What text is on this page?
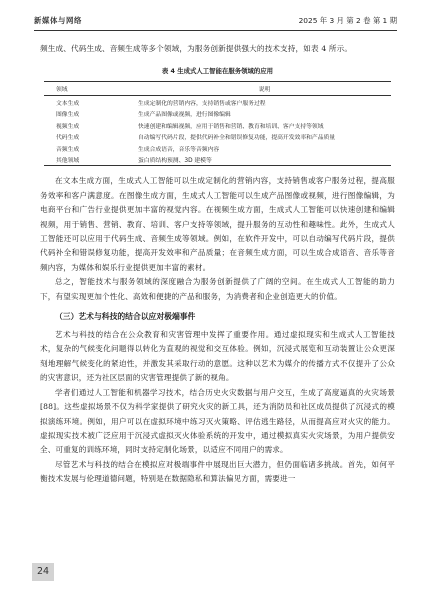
新媒体与网络	2025 年 3 月 第 2 卷 第 1 期

频生成、代码生成、音频生成等多个领域，为服务创新提供强大的技术支持，如表 4 所示。

表 4 生成式人工智能在服务领域的应用
领域	说明
文本生成	生成定制化的营销内容，支持销售或客户服务过程
图像生成	生成产品图像或视频，进行图像编辑
视频生成	快速创建和编辑视频，应用于销售和营销、教育和培训、客户支持等领域
代码生成	自动编写代码片段，提供代码补全和错误修复功能，提高开发效率和产品质量
音频生成	生成合成语音，音乐等音频内容
其他领域	蛋白质结构预测、3D 建模等

在文本生成方面，生成式人工智能可以生成定制化的营销内容，支持销售或客户服务过程，提高服务效率和客户满意度。在图像生成方面，生成式人工智能可以生成产品图像或视频，进行图像编辑，为电商平台和广告行业提供更加丰富的视觉内容。在视频生成方面，生成式人工智能可以快速创建和编辑视频，用于销售、营销、教育、培训、客户支持等领域，提升服务的互动性和趣味性。此外，生成式人工智能还可以应用于代码生成、音频生成等领域。例如，在软件开发中，可以自动编写代码片段，提供代码补全和错误修复功能，提高开发效率和产品质量；在音频生成方面，可以生成合成语音、音乐等音频内容，为媒体和娱乐行业提供更加丰富的素材。

总之，智能技术与服务领域的深度融合为服务创新提供了广阔的空间。在生成式人工智能的助力下，有望实现更加个性化、高效和便捷的产品和服务，为消费者和企业创造更大的价值。

（三）艺术与科技的结合以应对极端事件

艺术与科技的结合在公众教育和灾害管理中发挥了重要作用。通过虚拟现实和生成式人工智能技术，复杂的气候变化问题得以转化为直观的视觉和交互体验。例如，沉浸式展览和互动装置让公众更深刻地理解气候变化的紧迫性，并激发其采取行动的意愿。这种以艺术为媒介的传播方式不仅提升了公众的灾害意识，还为社区层面的灾害管理提供了新的视角。

学者们通过人工智能和机器学习技术，结合历史火灾数据与用户交互，生成了高度逼真的火灾场景[88]。这些虚拟场景不仅为科学家提供了研究火灾的新工具，还为消防员和社区成员提供了沉浸式的模拟演练环境。例如，用户可以在虚拟环境中练习灭火策略、评估逃生路径，从而提高应对火灾的能力。虚拟现实技术被广泛应用于沉浸式虚拟灭火体验系统的开发中，通过模拟真实火灾场景，为用户提供安全、可重复的训练环境，同时支持定制化场景，以适应不同用户的需求。

尽管艺术与科技的结合在模拟应对极端事件中展现出巨大潜力，但仍面临诸多挑战。首先，如何平衡技术发展与伦理道德问题，特别是在数据隐私和算法偏见方面，需要进一

24
